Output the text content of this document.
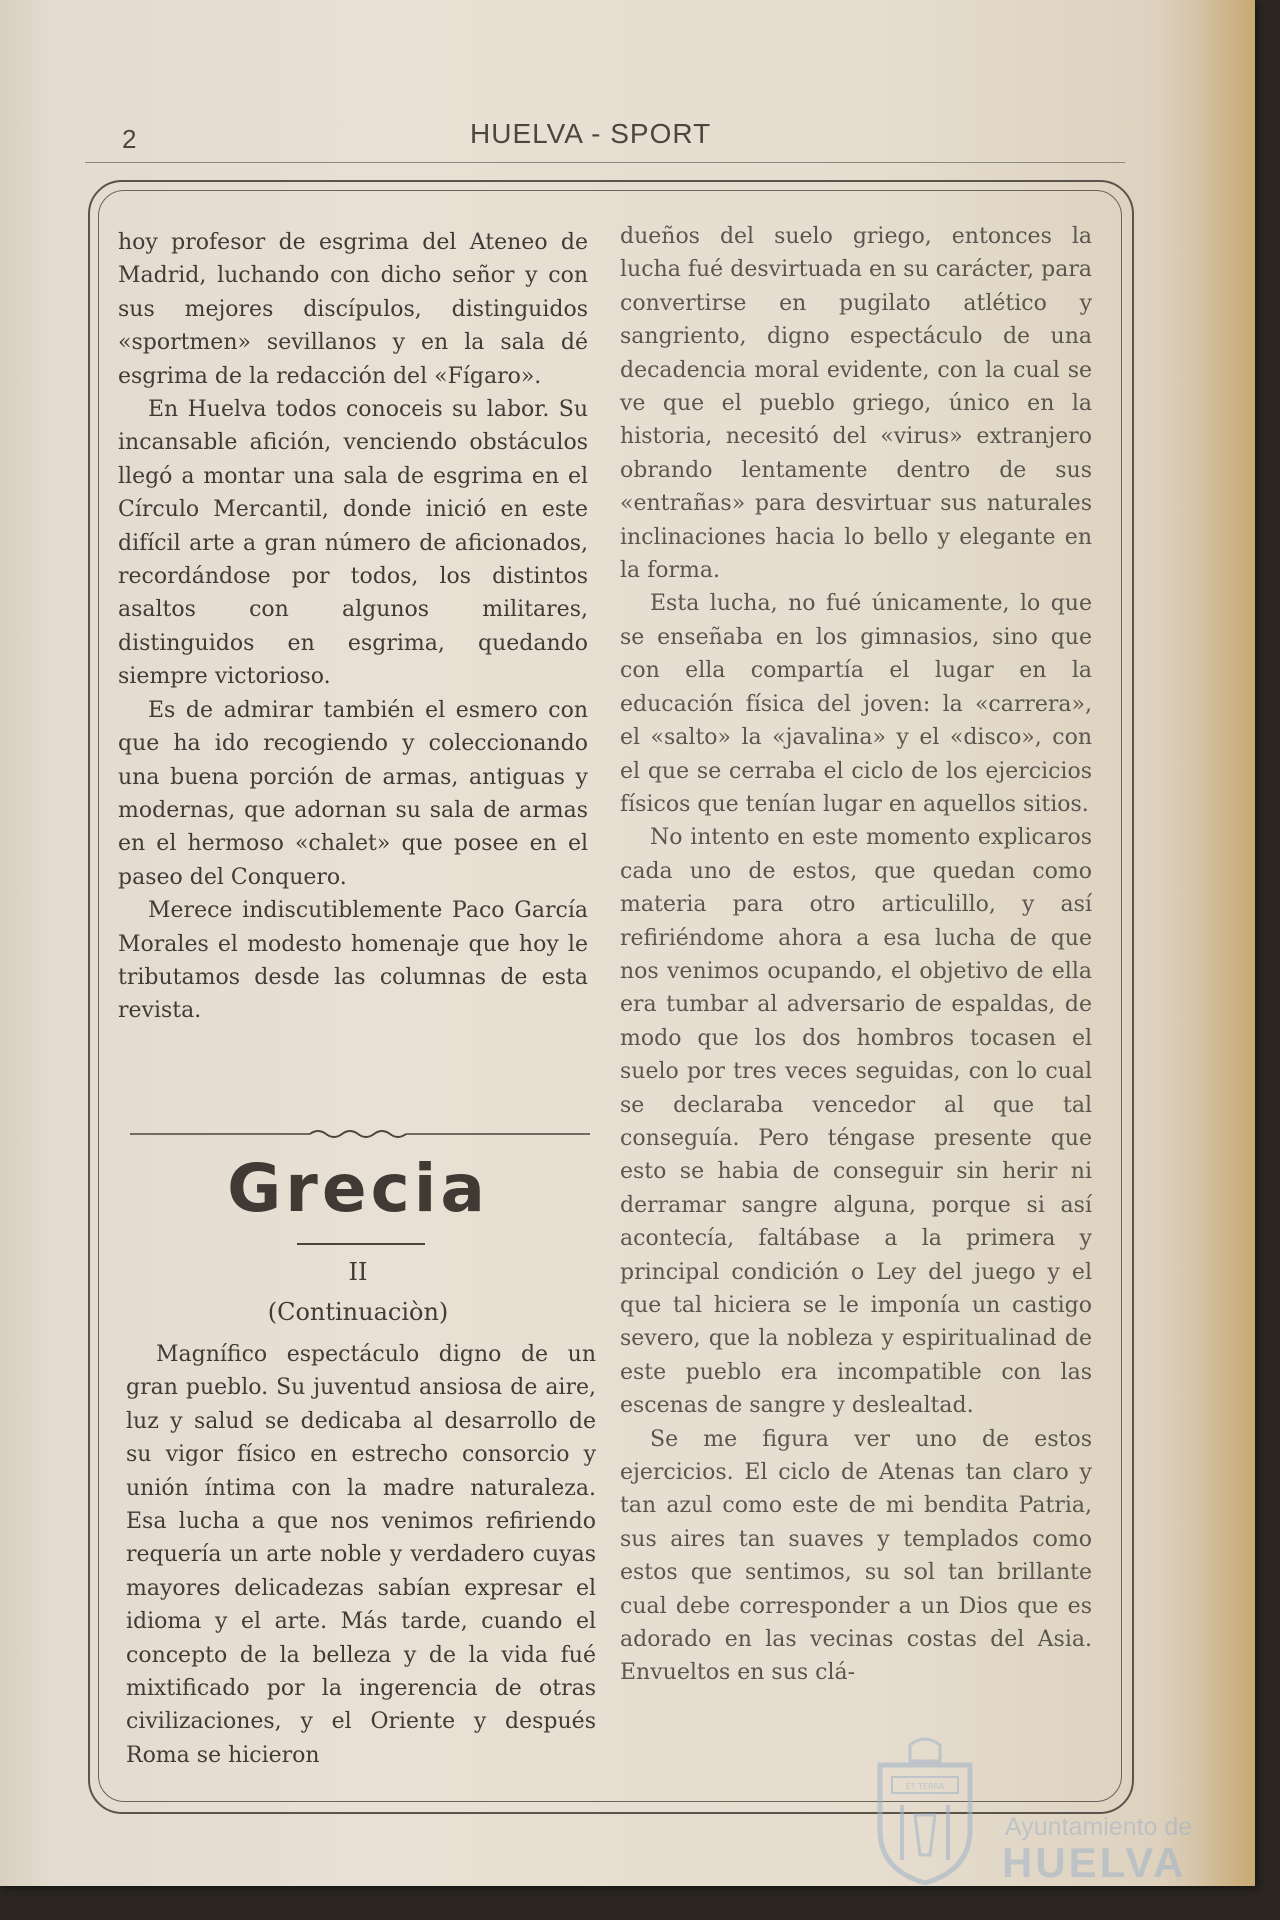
2	HUELVA - SPORT

hoy profesor de esgrima del Ateneo de Madrid, luchando con dicho señor y con sus mejores discípulos, distinguidos «sportmen» sevillanos y en la sala dé esgrima de la redacción del «Fígaro».

En Huelva todos conoceis su labor. Su incansable afición, venciendo obstáculos llegó a montar una sala de esgrima en el Círculo Mercantil, donde inició en este difícil arte a gran número de aficionados, recordándose por todos, los distintos asaltos con algunos militares, distinguidos en esgrima, quedando siempre victorioso.

Es de admirar también el esmero con que ha ido recogiendo y coleccionando una buena porción de armas, antiguas y modernas, que adornan su sala de armas en el hermoso «chalet» que posee en el paseo del Conquero.

Merece indiscutiblemente Paco García Morales el modesto homenaje que hoy le tributamos desde las columnas de esta revista.

Grecia
II
(Continuaciòn)

Magnífico espectáculo digno de un gran pueblo. Su juventud ansiosa de aire, luz y salud se dedicaba al desarrollo de su vigor físico en estrecho consorcio y unión íntima con la madre naturaleza. Esa lucha a que nos venimos refiriendo requería un arte noble y verdadero cuyas mayores delicadezas sabían expresar el idioma y el arte. Más tarde, cuando el concepto de la belleza y de la vida fué mixtificado por la ingerencia de otras civilizaciones, y el Oriente y después Roma se hicieron

dueños del suelo griego, entonces la lucha fué desvirtuada en su carácter, para convertirse en pugilato atlético y sangriento, digno espectáculo de una decadencia moral evidente, con la cual se ve que el pueblo griego, único en la historia, necesitó del «virus» extranjero obrando lentamente dentro de sus «entrañas» para desvirtuar sus naturales inclinaciones hacia lo bello y elegante en la forma.

Esta lucha, no fué únicamente, lo que se enseñaba en los gimnasios, sino que con ella compartía el lugar en la educación física del joven: la «carrera», el «salto» la «javalina» y el «disco», con el que se cerraba el ciclo de los ejercicios físicos que tenían lugar en aquellos sitios.

No intento en este momento explicaros cada uno de estos, que quedan como materia para otro articulillo, y así refiriéndome ahora a esa lucha de que nos venimos ocupando, el objetivo de ella era tumbar al adversario de espaldas, de modo que los dos hombros tocasen el suelo por tres veces seguidas, con lo cual se declaraba vencedor al que tal conseguía. Pero téngase presente que esto se habia de conseguir sin herir ni derramar sangre alguna, porque si así acontecía, faltábase a la primera y principal condición o Ley del juego y el que tal hiciera se le imponía un castigo severo, que la nobleza y espiritualinad de este pueblo era incompatible con las escenas de sangre y deslealtad.

Se me figura ver uno de estos ejercicios. El ciclo de Atenas tan claro y tan azul como este de mi bendita Patria, sus aires tan suaves y templados como estos que sentimos, su sol tan brillante cual debe corresponder a un Dios que es adorado en las vecinas costas del Asia. Envueltos en sus clá-

ET TERRA
Ayuntamiento de
HUELVA
